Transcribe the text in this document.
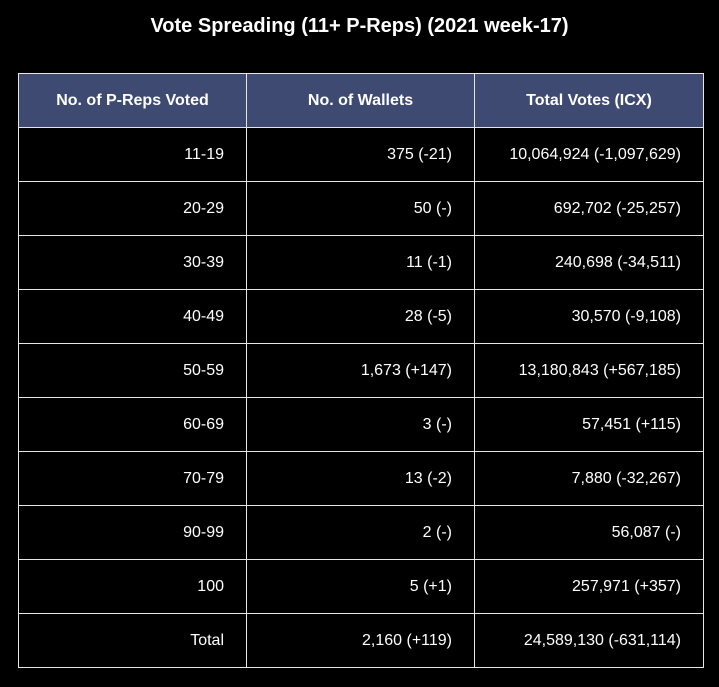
Vote Spreading (11+ P-Reps) (2021 week-17)
No. of P-Reps Voted	No. of Wallets	Total Votes (ICX)
11-19	375 (-21)	10,064,924 (-1,097,629)
20-29	50 (-)	692,702 (-25,257)
30-39	11 (-1)	240,698 (-34,511)
40-49	28 (-5)	30,570 (-9,108)
50-59	1,673 (+147)	13,180,843 (+567,185)
60-69	3 (-)	57,451 (+115)
70-79	13 (-2)	7,880 (-32,267)
90-99	2 (-)	56,087 (-)
100	5 (+1)	257,971 (+357)
Total	2,160 (+119)	24,589,130 (-631,114)
